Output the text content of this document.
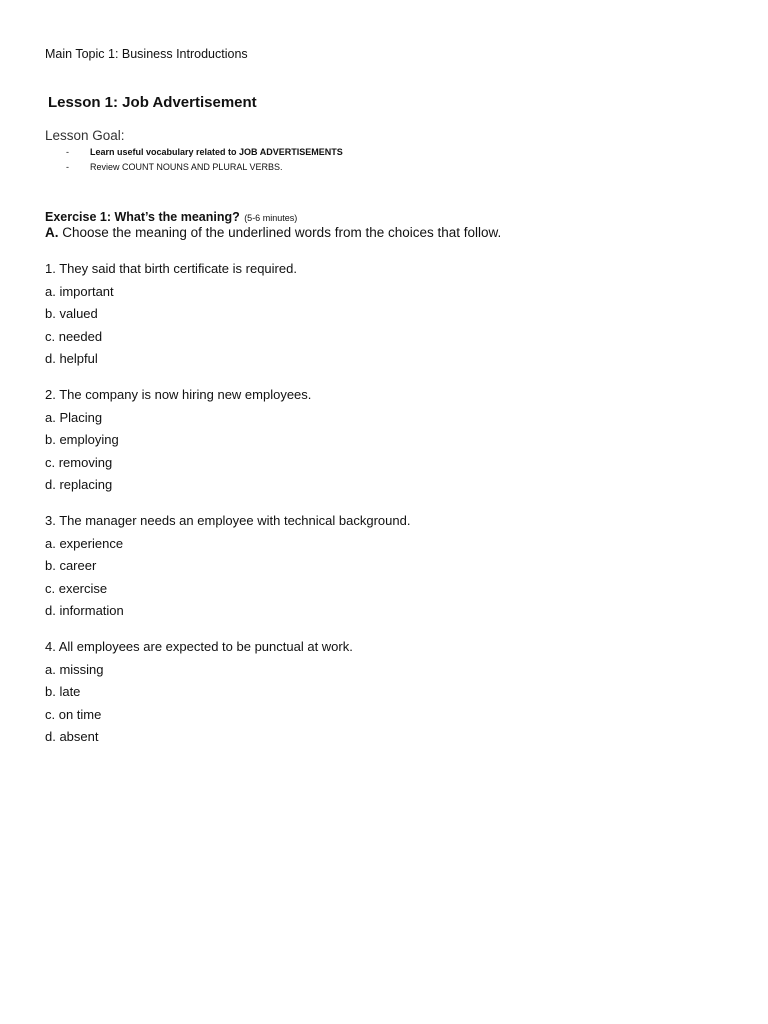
Main Topic 1: Business Introductions
Lesson 1: Job Advertisement
Lesson Goal:
- Learn useful vocabulary related to JOB ADVERTISEMENTS
- Review COUNT NOUNS AND PLURAL VERBS.
Exercise 1: What’s the meaning? (5-6 minutes)
A. Choose the meaning of the underlined words from the choices that follow.
1. They said that birth certificate is required.
a. important
b. valued
c. needed
d. helpful
2. The company is now hiring new employees.
a. Placing
b. employing
c. removing
d. replacing
3. The manager needs an employee with technical background.
a. experience
b. career
c. exercise
d. information
4. All employees are expected to be punctual at work.
a. missing
b. late
c. on time
d. absent
